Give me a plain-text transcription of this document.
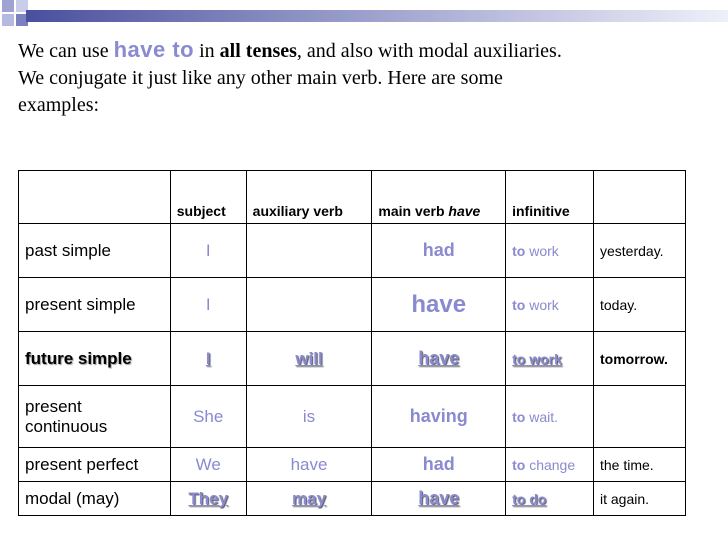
We can use have to in all tenses, and also with modal auxiliaries.
We conjugate it just like any other main verb. Here are some
examples:

	subject	auxiliary verb	main verb have	infinitive	
past simple	I		had	to work	yesterday.
present simple	I		have	to work	today.
future simple	I	will	have	to work	tomorrow.
present
continuous	She	is	having	to wait.	
present perfect	We	have	had	to change	the time.
modal (may)	They	may	have	to do	it again.
